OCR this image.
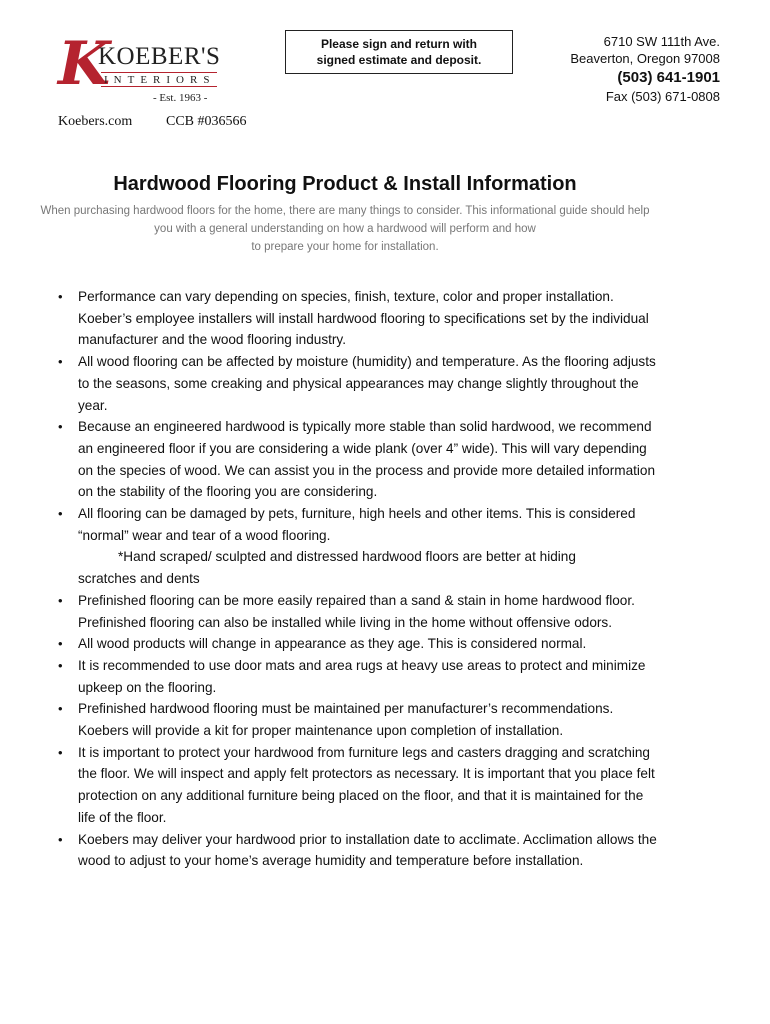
K
KOEBER'S
INTERIORS
- Est. 1963 -
Koebers.com CCB #036566
Please sign and return with
signed estimate and deposit.
6710 SW 111th Ave.
Beaverton, Oregon 97008
(503) 641-1901
Fax (503) 671-0808
Hardwood Flooring Product & Install Information
When purchasing hardwood floors for the home, there are many things to consider. This informational guide should help
you with a general understanding on how a hardwood will perform and how
to prepare your home for installation.
• Performance can vary depending on species, finish, texture, color and proper installation. Koeber’s employee installers will install hardwood flooring to specifications set by the individual manufacturer and the wood flooring industry.
• All wood flooring can be affected by moisture (humidity) and temperature. As the flooring adjusts to the seasons, some creaking and physical appearances may change slightly throughout the year.
• Because an engineered hardwood is typically more stable than solid hardwood, we recommend an engineered floor if you are considering a wide plank (over 4” wide). This will vary depending on the species of wood. We can assist you in the process and provide more detailed information on the stability of the flooring you are considering.
• All flooring can be damaged by pets, furniture, high heels and other items. This is considered “normal” wear and tear of a wood flooring.
*Hand scraped/ sculpted and distressed hardwood floors are better at hiding
scratches and dents
• Prefinished flooring can be more easily repaired than a sand & stain in home hardwood floor. Prefinished flooring can also be installed while living in the home without offensive odors.
• All wood products will change in appearance as they age. This is considered normal.
• It is recommended to use door mats and area rugs at heavy use areas to protect and minimize upkeep on the flooring.
• Prefinished hardwood flooring must be maintained per manufacturer’s recommendations. Koebers will provide a kit for proper maintenance upon completion of installation.
• It is important to protect your hardwood from furniture legs and casters dragging and scratching the floor. We will inspect and apply felt protectors as necessary. It is important that you place felt protection on any additional furniture being placed on the floor, and that it is maintained for the life of the floor.
• Koebers may deliver your hardwood prior to installation date to acclimate. Acclimation allows the wood to adjust to your home’s average humidity and temperature before installation.
